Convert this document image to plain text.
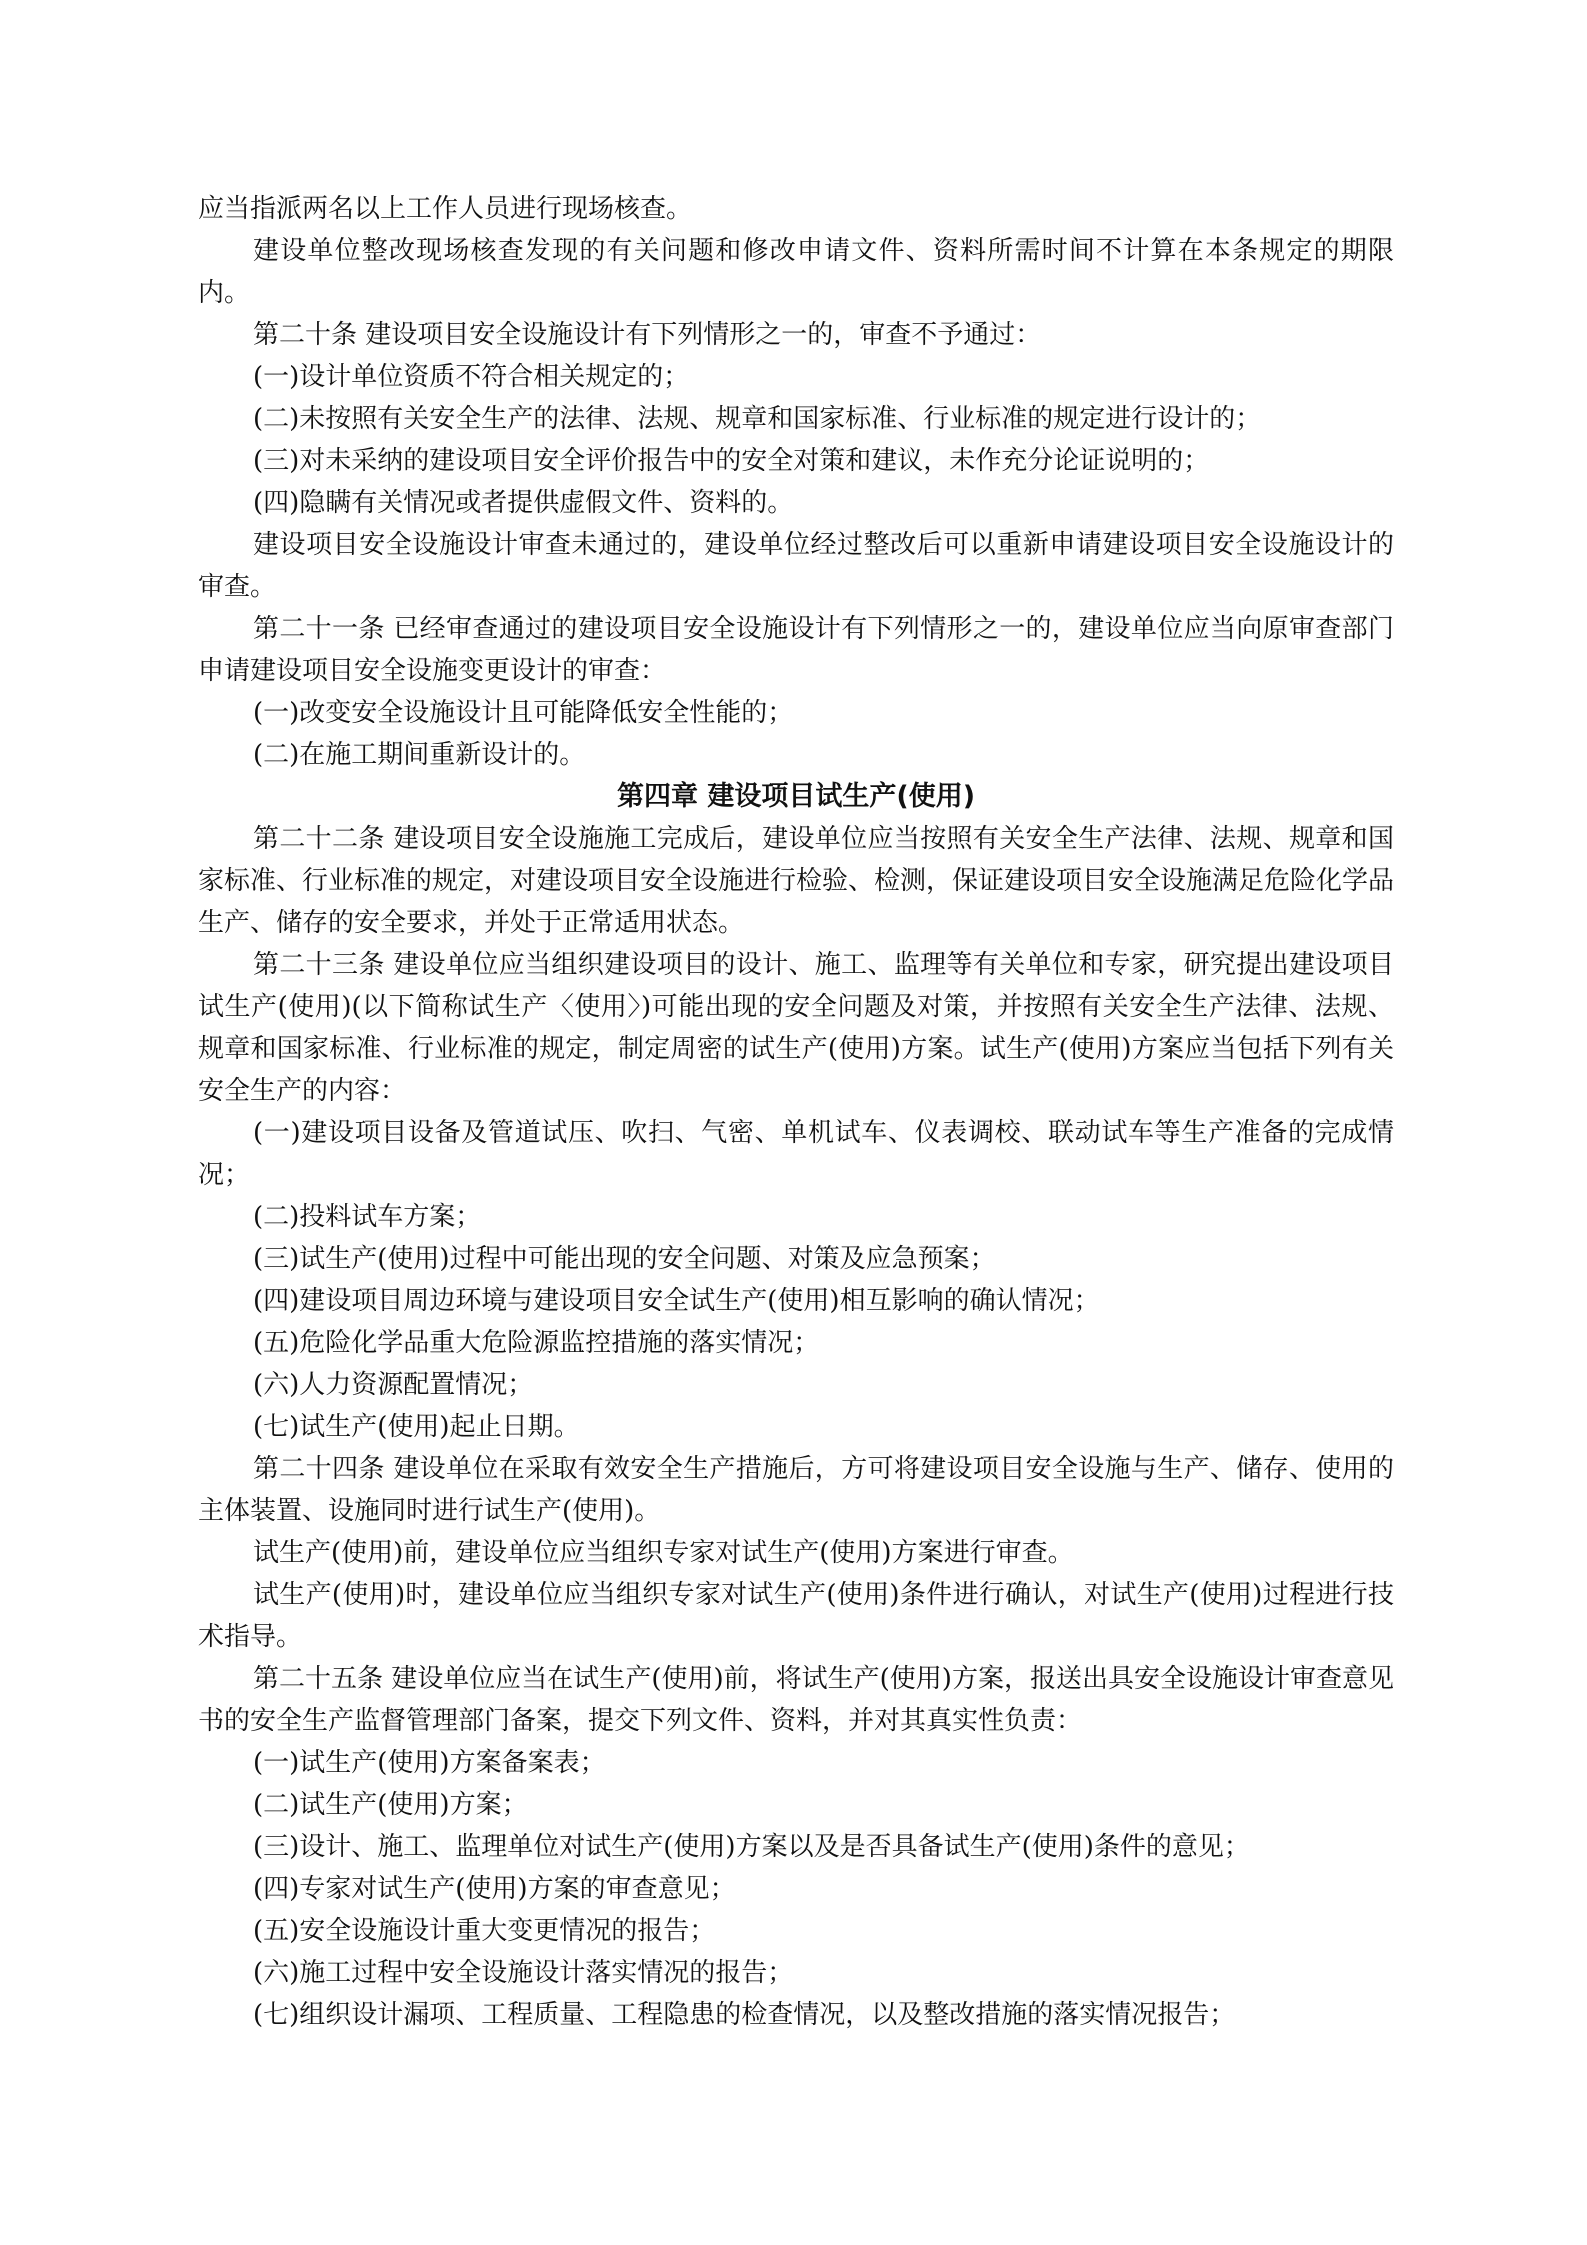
应当指派两名以上工作人员进行现场核查。

建设单位整改现场核查发现的有关问题和修改申请文件、资料所需时间不计算在本条规定的期限内。

第二十条 建设项目安全设施设计有下列情形之一的，审查不予通过：

(一)设计单位资质不符合相关规定的；

(二)未按照有关安全生产的法律、法规、规章和国家标准、行业标准的规定进行设计的；

(三)对未采纳的建设项目安全评价报告中的安全对策和建议，未作充分论证说明的；

(四)隐瞒有关情况或者提供虚假文件、资料的。

建设项目安全设施设计审查未通过的，建设单位经过整改后可以重新申请建设项目安全设施设计的审查。

第二十一条 已经审查通过的建设项目安全设施设计有下列情形之一的，建设单位应当向原审查部门申请建设项目安全设施变更设计的审查：

(一)改变安全设施设计且可能降低安全性能的；

(二)在施工期间重新设计的。

第四章 建设项目试生产(使用)

第二十二条 建设项目安全设施施工完成后，建设单位应当按照有关安全生产法律、法规、规章和国家标准、行业标准的规定，对建设项目安全设施进行检验、检测，保证建设项目安全设施满足危险化学品生产、储存的安全要求，并处于正常适用状态。

第二十三条 建设单位应当组织建设项目的设计、施工、监理等有关单位和专家，研究提出建设项目试生产(使用)(以下简称试生产〈使用〉)可能出现的安全问题及对策，并按照有关安全生产法律、法规、规章和国家标准、行业标准的规定，制定周密的试生产(使用)方案。试生产(使用)方案应当包括下列有关安全生产的内容：

(一)建设项目设备及管道试压、吹扫、气密、单机试车、仪表调校、联动试车等生产准备的完成情况；

(二)投料试车方案；

(三)试生产(使用)过程中可能出现的安全问题、对策及应急预案；

(四)建设项目周边环境与建设项目安全试生产(使用)相互影响的确认情况；

(五)危险化学品重大危险源监控措施的落实情况；

(六)人力资源配置情况；

(七)试生产(使用)起止日期。

第二十四条 建设单位在采取有效安全生产措施后，方可将建设项目安全设施与生产、储存、使用的主体装置、设施同时进行试生产(使用)。

试生产(使用)前，建设单位应当组织专家对试生产(使用)方案进行审查。

试生产(使用)时，建设单位应当组织专家对试生产(使用)条件进行确认，对试生产(使用)过程进行技术指导。

第二十五条 建设单位应当在试生产(使用)前，将试生产(使用)方案，报送出具安全设施设计审查意见书的安全生产监督管理部门备案，提交下列文件、资料，并对其真实性负责：

(一)试生产(使用)方案备案表；

(二)试生产(使用)方案；

(三)设计、施工、监理单位对试生产(使用)方案以及是否具备试生产(使用)条件的意见；

(四)专家对试生产(使用)方案的审查意见；

(五)安全设施设计重大变更情况的报告；

(六)施工过程中安全设施设计落实情况的报告；

(七)组织设计漏项、工程质量、工程隐患的检查情况，以及整改措施的落实情况报告；
